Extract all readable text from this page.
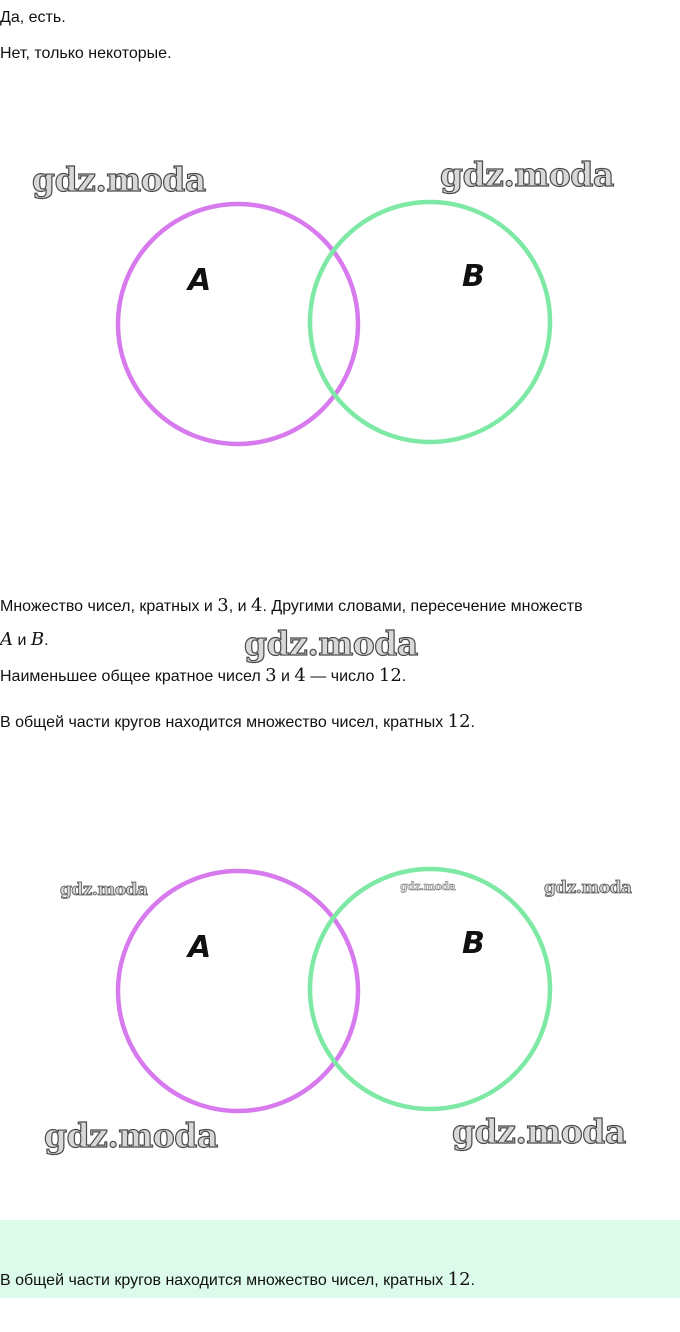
Да, есть.

Нет, только некоторые.

A	B

gdz.moda	gdz.moda

Множество чисел, кратных и 3, и 4. Другими словами, пересечение множеств

A и B.	gdz.moda

Наименьшее общее кратное чисел 3 и 4 — число 12.

В общей части кругов находится множество чисел, кратных 12.

A	B

gdz.moda	gdz.moda	gdz.moda

gdz.moda	gdz.moda

В общей части кругов находится множество чисел, кратных 12.
